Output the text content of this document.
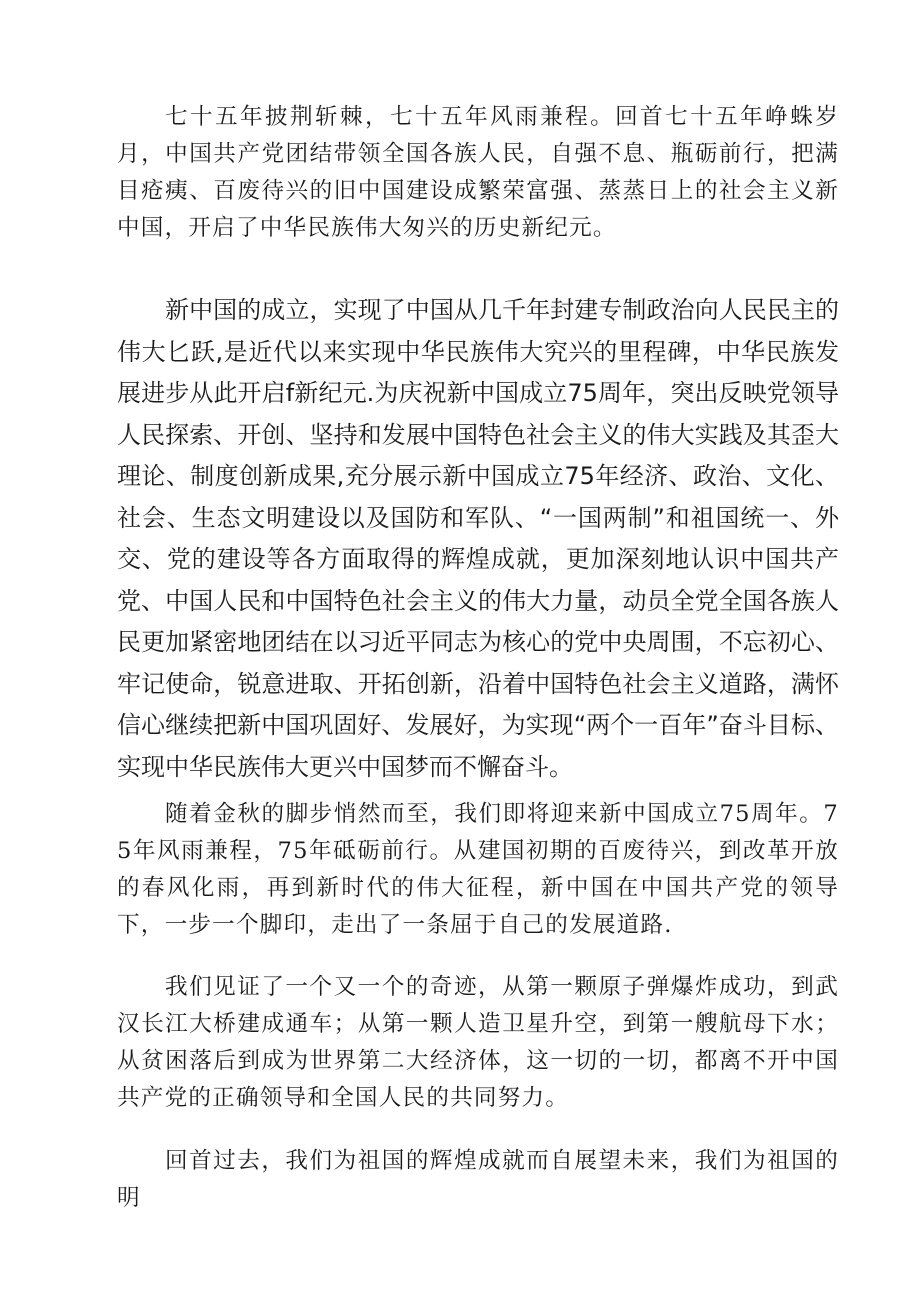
七十五年披荆斩棘，七十五年风雨兼程。回首七十五年峥蛛岁月，中国共产党团结带领全国各族人民，自强不息、瓶砺前行，把满目疮痍、百废待兴的旧中国建设成繁荣富强、蒸蒸日上的社会主义新中国，开启了中华民族伟大匆兴的历史新纪元。

新中国的成立，实现了中国从几千年封建专制政治向人民民主的伟大匕跃,是近代以来实现中华民族伟大究兴的里程碑，中华民族发展进步从此开启f新纪元.为庆祝新中国成立75周年，突出反映党领导人民探索、开创、坚持和发展中国特色社会主义的伟大实践及其歪大理论、制度创新成果,充分展示新中国成立75年经济、政治、文化、社会、生态文明建设以及国防和军队、“一国两制”和祖国统一、外交、党的建设等各方面取得的辉煌成就，更加深刻地认识中国共产党、中国人民和中国特色社会主义的伟大力量，动员全党全国各族人民更加紧密地团结在以习近平同志为核心的党中央周围，不忘初心、牢记使命，锐意进取、开拓创新，沿着中国特色社会主义道路，满怀信心继续把新中国巩固好、发展好，为实现“两个一百年”奋斗目标、实现中华民族伟大更兴中国梦而不懈奋斗。

随着金秋的脚步悄然而至，我们即将迎来新中国成立75周年。75年风雨兼程，75年砥砺前行。从建国初期的百废待兴，到改革开放的春风化雨，再到新时代的伟大征程，新中国在中国共产党的领导下，一步一个脚印，走出了一条屈于自己的发展道路.

我们见证了一个又一个的奇迹，从第一颗原子弹爆炸成功，到武汉长江大桥建成通车；从第一颗人造卫星升空，到第一艘航母下水；从贫困落后到成为世界第二大经济体，这一切的一切，都离不开中国共产党的正确领导和全国人民的共同努力。

回首过去，我们为祖国的辉煌成就而自展望未来，我们为祖国的明
